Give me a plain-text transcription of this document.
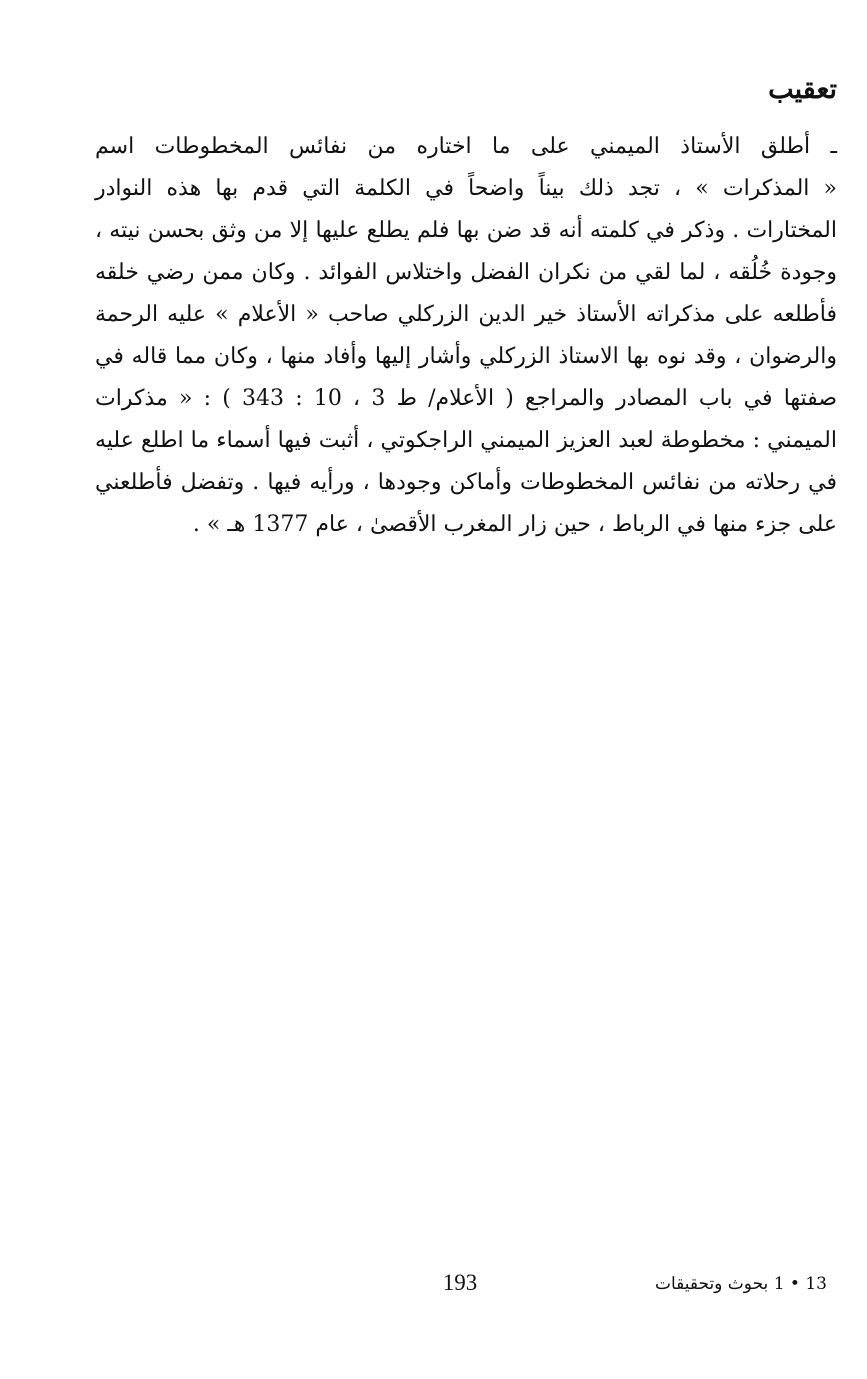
تعقيب
ـ أطلق الأستاذ الميمني على ما اختاره من نفائس المخطوطات اسم
« المذكرات » ، تجد ذلك بيناً واضحاً في الكلمة التي قدم بها هذه النوادر
المختارات . وذكر في كلمته أنه قد ضن بها فلم يطلع عليها إلا من وثق بحسن نيته ،
وجودة خُلُقه ، لما لقي من نكران الفضل واختلاس الفوائد . وكان ممن رضي خلقه
فأطلعه على مذكراته الأستاذ خير الدين الزركلي صاحب « الأعلام » عليه الرحمة
والرضوان ، وقد نوه بها الاستاذ الزركلي وأشار إليها وأفاد منها ، وكان مما قاله في
صفتها في باب المصادر والمراجع ( الأعلام/ ط 3 ، 10 : 343 ) : « مذكرات
الميمني : مخطوطة لعبد العزيز الميمني الراجكوتي ، أثبت فيها أسماء ما اطلع عليه
في رحلاته من نفائس المخطوطات وأماكن وجودها ، ورأيه فيها . وتفضل فأطلعني
على جزء منها في الرباط ، حين زار المغرب الأقصىٰ ، عام 1377 هـ » .
193	13 • 1 بحوث وتحقيقات
